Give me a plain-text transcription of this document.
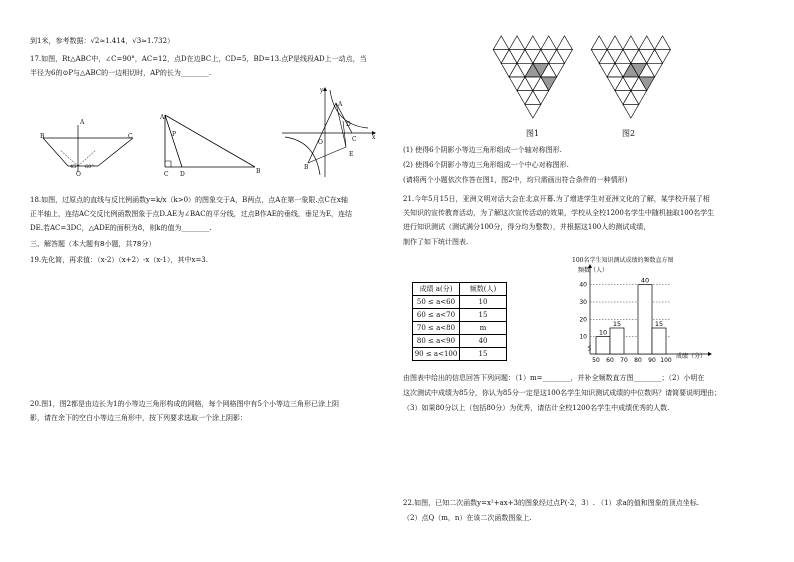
到1米，参考数据：√2≈1.414，√3≈1.732）
17.如图，Rt△ABC中，∠C=90°，AC=12，点D在边BC上，CD=5，BD=13.点P是线段AD上一动点，当
半径为6的⊙P与△ABC的一边相切时，AP的长为________.
B
A
C
45° 60°
O
A
C D	B
P
y
x
O
A
B
C
D
E
18.如图，过原点的直线与反比例函数y=k/x（k>0）的图象交于A，B两点，点A在第一象限.点C在x轴
正半轴上，连结AC交反比例函数图象于点D.AE为∠BAC的平分线，过点B作AE的垂线，垂足为E，连结
DE.若AC=3DC，△ADE的面积为8，则k的值为________.
三、解答题（本大题有8小题，共78分）
19.先化简，再求值：（x-2）（x+2）-x（x-1），其中x=3.
20.图1，图2都是由边长为1的小等边三角形构成的网格，每个网格图中有5个小等边三角形已涂上阴
影，请在余下的空白小等边三角形中，按下列要求选取一个涂上阴影：
图1	图2
(1) 使得6个阴影小等边三角形组成一个轴对称图形.
(2) 使得6个阴影小等边三角形组成一个中心对称图形.
(请将两个小题依次作答在图1，图2中，均只需画出符合条件的一种情形)
21.今年5月15日，亚洲文明对话大会在北京开幕.为了增进学生对亚洲文化的了解，某学校开展了相
关知识的宣传教育活动，为了解这次宣传活动的效果，学校从全校1200名学生中随机抽取100名学生
进行知识测试（测试满分100分，得分均为整数），并根据这100人的测试成绩，
制作了如下统计图表.
成绩 a(分)	频数(人)
50 ≤ a<60	10
60 ≤ a<70	15
70 ≤ a<80	m
80 ≤ a<90	40
90 ≤ a<100	15
100名学生知识测试成绩的频数直方图
10
20
30
40
50 60 70 80 90 100
10
15
40
15
频数（人）
成绩（分）
由图表中给出的信息回答下列问题：（1）m=________，并补全频数直方图________；（2）小明在
这次测试中成绩为85分，你认为85分一定是这100名学生知识测试成绩的中位数吗？请简要说明理由；
（3）如果80分以上（包括80分）为优秀，请估计全校1200名学生中成绩优秀的人数.
22.如图，已知二次函数y=x²+ax+3的图象经过点P(-2，3）. （1）求a的值和图象的顶点坐标.
（2）点Q（m，n）在该二次函数图象上.
